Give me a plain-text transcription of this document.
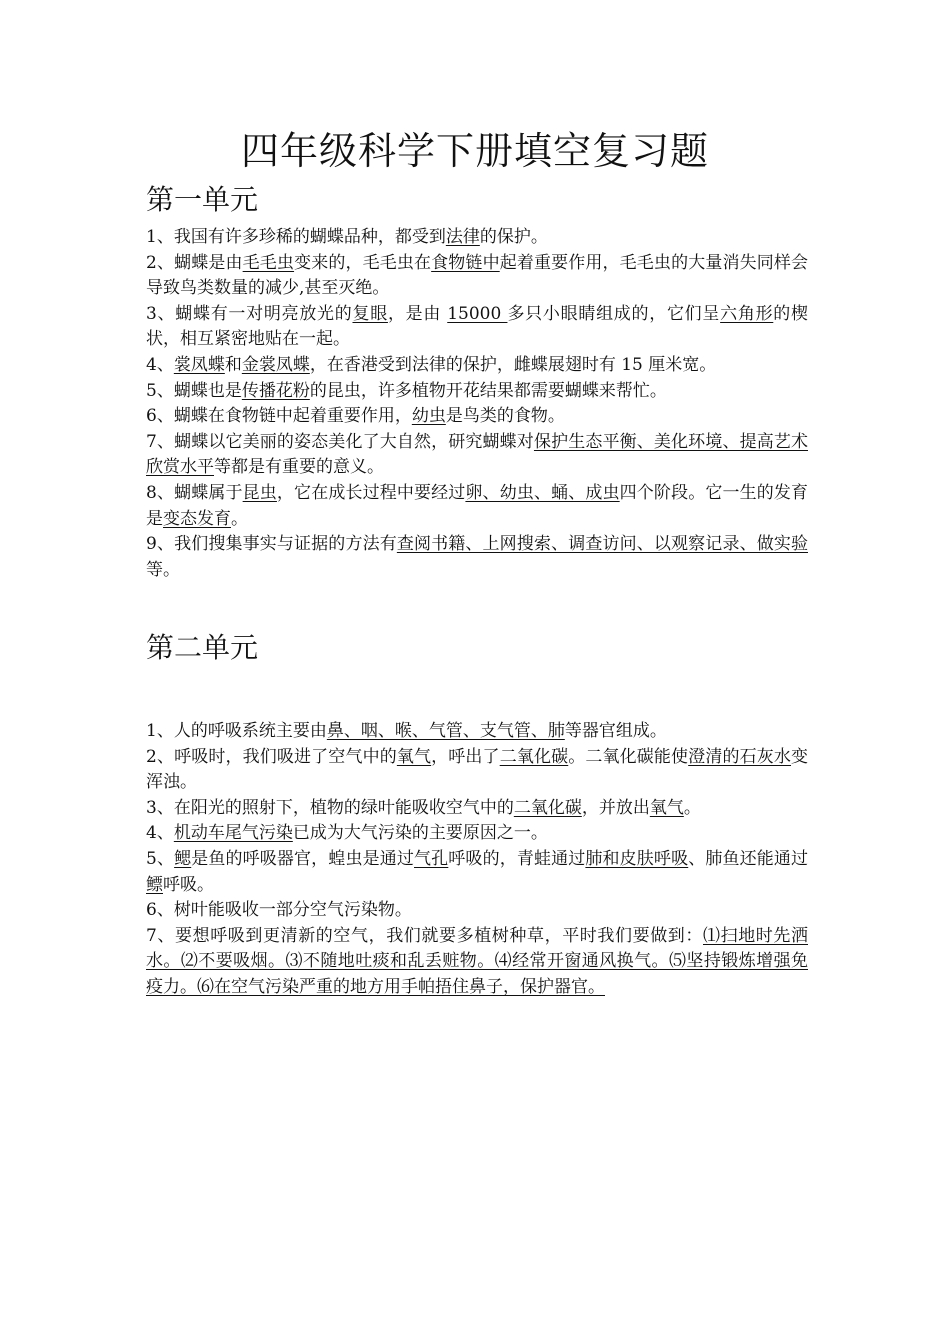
四年级科学下册填空复习题
第一单元

1、我国有许多珍稀的蝴蝶品种，都受到法律的保护。

2、蝴蝶是由毛毛虫变来的，毛毛虫在食物链中起着重要作用，毛毛虫的大量消失同样会导致鸟类数量的减少,甚至灭绝。

3、蝴蝶有一对明亮放光的复眼，是由 15000 多只小眼睛组成的，它们呈六角形的楔状，相互紧密地贴在一起。

4、裳凤蝶和金裳凤蝶，在香港受到法律的保护，雌蝶展翅时有 15 厘米宽。

5、蝴蝶也是传播花粉的昆虫，许多植物开花结果都需要蝴蝶来帮忙。

6、蝴蝶在食物链中起着重要作用，幼虫是鸟类的食物。

7、蝴蝶以它美丽的姿态美化了大自然，研究蝴蝶对保护生态平衡、美化环境、提高艺术欣赏水平等都是有重要的意义。

8、蝴蝶属于昆虫，它在成长过程中要经过卵、幼虫、蛹、成虫四个阶段。它一生的发育是变态发育。

9、我们搜集事实与证据的方法有查阅书籍、上网搜索、调查访问、以观察记录、做实验等。

第二单元

1、人的呼吸系统主要由鼻、咽、喉、气管、支气管、肺等器官组成。

2、呼吸时，我们吸进了空气中的氧气，呼出了二氧化碳。二氧化碳能使澄清的石灰水变浑浊。

3、在阳光的照射下，植物的绿叶能吸收空气中的二氧化碳，并放出氧气。

4、机动车尾气污染已成为大气污染的主要原因之一。

5、鳃是鱼的呼吸器官，蝗虫是通过气孔呼吸的，青蛙通过肺和皮肤呼吸、肺鱼还能通过鳔呼吸。

6、树叶能吸收一部分空气污染物。

7、要想呼吸到更清新的空气，我们就要多植树种草，平时我们要做到：⑴扫地时先洒水。⑵不要吸烟。⑶不随地吐痰和乱丢赃物。⑷经常开窗通风换气。⑸坚持锻炼增强免疫力。⑹在空气污染严重的地方用手帕捂住鼻子，保护器官。
